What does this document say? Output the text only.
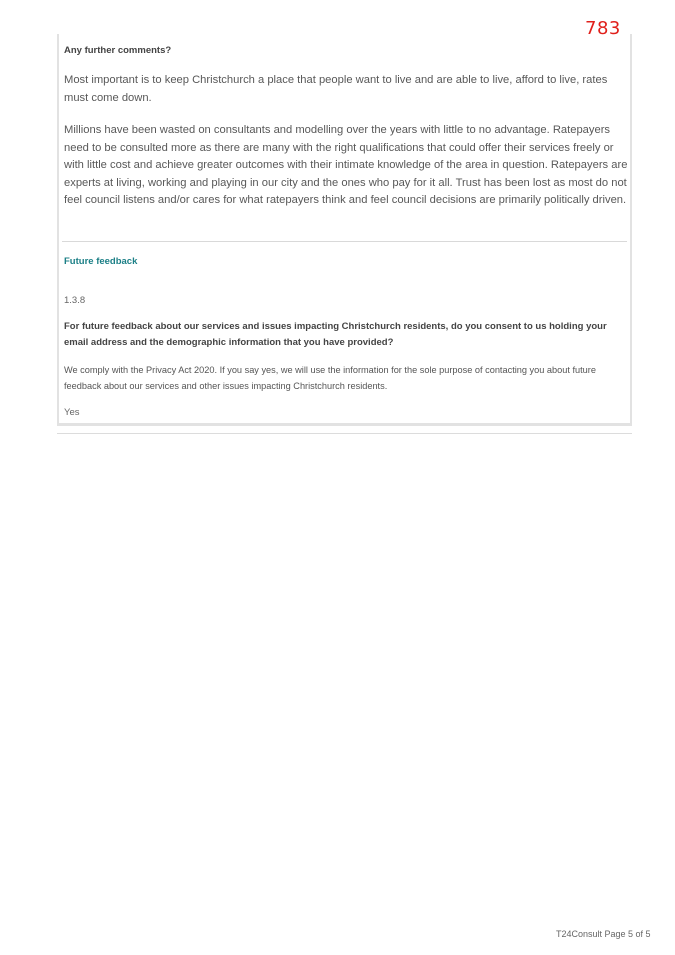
783
Any further comments?

Most important is to keep Christchurch a place that people want to live and are able to live, afford to live, rates must come down.

Millions have been wasted on consultants and modelling over the years with little to no advantage. Ratepayers need to be consulted more as there are many with the right qualifications that could offer their services freely or with little cost and achieve greater outcomes with their intimate knowledge of the area in question. Ratepayers are experts at living, working and playing in our city and the ones who pay for it all. Trust has been lost as most do not feel council listens and/or cares for what ratepayers think and feel council decisions are primarily politically driven.

Future feedback
1.3.8

For future feedback about our services and issues impacting Christchurch residents, do you consent to us holding your email address and the demographic information that you have provided?

We comply with the Privacy Act 2020. If you say yes, we will use the information for the sole purpose of contacting you about future feedback about our services and other issues impacting Christchurch residents.

Yes
T24Consult Page 5 of 5
